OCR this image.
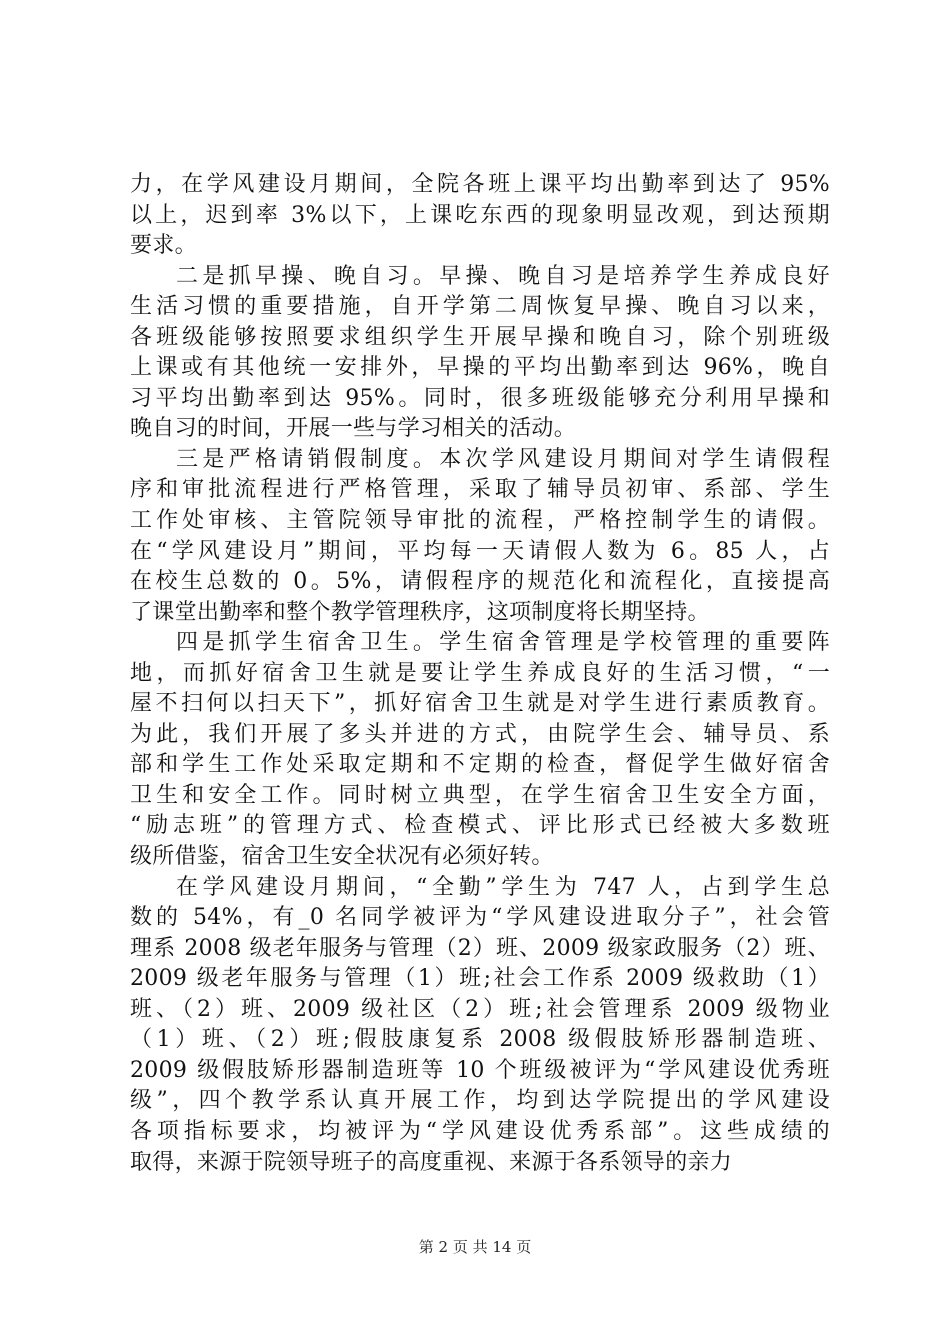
力，在学风建设月期间，全院各班上课平均出勤率到达了 95%
以上，迟到率 3%以下，上课吃东西的现象明显改观，到达预期
要求。
二是抓早操、晚自习。早操、晚自习是培养学生养成良好
生活习惯的重要措施，自开学第二周恢复早操、晚自习以来，
各班级能够按照要求组织学生开展早操和晚自习，除个别班级
上课或有其他统一安排外，早操的平均出勤率到达 96%，晚自
习平均出勤率到达 95%。同时，很多班级能够充分利用早操和
晚自习的时间，开展一些与学习相关的活动。
三是严格请销假制度。本次学风建设月期间对学生请假程
序和审批流程进行严格管理，采取了辅导员初审、系部、学生
工作处审核、主管院领导审批的流程，严格控制学生的请假。
在“学风建设月”期间，平均每一天请假人数为 6。85 人，占
在校生总数的 0。5%，请假程序的规范化和流程化，直接提高
了课堂出勤率和整个教学管理秩序，这项制度将长期坚持。
四是抓学生宿舍卫生。学生宿舍管理是学校管理的重要阵
地，而抓好宿舍卫生就是要让学生养成良好的生活习惯，“一
屋不扫何以扫天下”，抓好宿舍卫生就是对学生进行素质教育。
为此，我们开展了多头并进的方式，由院学生会、辅导员、系
部和学生工作处采取定期和不定期的检查，督促学生做好宿舍
卫生和安全工作。同时树立典型，在学生宿舍卫生安全方面，
“励志班”的管理方式、检查模式、评比形式已经被大多数班
级所借鉴，宿舍卫生安全状况有必须好转。
在学风建设月期间，“全勤”学生为 747 人，占到学生总
数的 54%，有_0 名同学被评为“学风建设进取分子”，社会管
理系 2008 级老年服务与管理（2）班、2009 级家政服务（2）班、
2009 级老年服务与管理（1）班;社会工作系 2009 级救助（1）
班、（2）班、2009 级社区（2）班;社会管理系 2009 级物业
（1）班、（2）班;假肢康复系 2008 级假肢矫形器制造班、
2009 级假肢矫形器制造班等 10 个班级被评为“学风建设优秀班
级”，四个教学系认真开展工作，均到达学院提出的学风建设
各项指标要求，均被评为“学风建设优秀系部”。这些成绩的
取得，来源于院领导班子的高度重视、来源于各系领导的亲力
第 2 页 共 14 页
